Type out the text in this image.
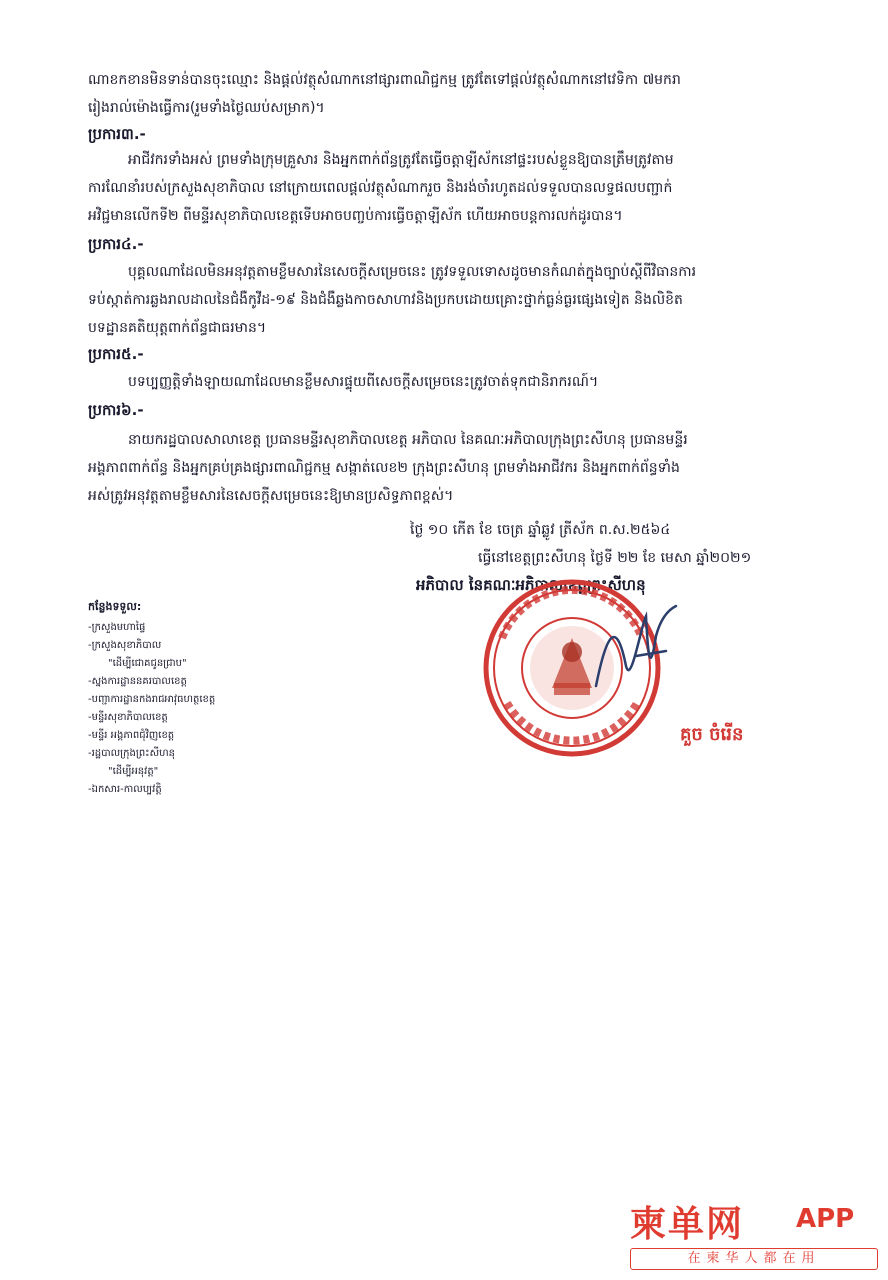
ណាខកខានមិនទាន់បានចុះឈ្មោះ និងផ្តល់វត្ថុសំណាកនៅផ្សារពាណិជ្ជកម្ម ត្រូវតែទៅផ្តល់វត្ថុសំណាកនៅវេទិកា ៧មករា
រៀងរាល់ម៉ោងធ្វើការ(រួមទាំងថ្ងៃឈប់សម្រាក)។
ប្រការ៣.-
អាជីវករទាំងអស់ ព្រមទាំងក្រុមគ្រួសារ និងអ្នកពាក់ព័ន្ធត្រូវតែធ្វើចត្តាឡីស័កនៅផ្ទះរបស់ខ្លួនឱ្យបានត្រឹមត្រូវតាម
ការណែនាំរបស់ក្រសួងសុខាភិបាល នៅក្រោយពេលផ្តល់វត្ថុសំណាករួច និងរង់ចាំរហូតដល់ទទួលបានលទ្ធផលបញ្ជាក់
អវិជ្ជមានលើកទី២ ពីមន្ទីរសុខាភិបាលខេត្តទើបអាចបញ្ចប់ការធ្វើចត្តាឡីស័ក ហើយអាចបន្តការលក់ដូរបាន។
ប្រការ៤.-
បុគ្គលណាដែលមិនអនុវត្តតាមខ្លឹមសារនៃសេចក្តីសម្រេចនេះ ត្រូវទទួលទោសដូចមានកំណត់ក្នុងច្បាប់ស្តីពីវិធានការ
ទប់ស្កាត់ការឆ្លងរាលដាលនៃជំងឺកូវីដ-១៩ និងជំងឺឆ្លងកាចសាហាវនិងប្រកបដោយគ្រោះថ្នាក់ធ្ងន់ធ្ងរផ្សេងទៀត និងលិខិត
បទដ្ឋានគតិយុត្តពាក់ព័ន្ធជាធរមាន។
ប្រការ៥.-
បទប្បញ្ញត្តិទាំងឡាយណាដែលមានខ្លឹមសារផ្ទុយពីសេចក្តីសម្រេចនេះត្រូវចាត់ទុកជានិរាករណ៍។
ប្រការ៦.-
នាយករដ្ឋបាលសាលាខេត្ត ប្រធានមន្ទីរសុខាភិបាលខេត្ត អភិបាល នៃគណៈអភិបាលក្រុងព្រះសីហនុ ប្រធានមន្ទីរ
អង្គភាពពាក់ព័ន្ធ និងអ្នកគ្រប់គ្រងផ្សារពាណិជ្ជកម្ម សង្កាត់លេខ២ ក្រុងព្រះសីហនុ ព្រមទាំងអាជីវករ និងអ្នកពាក់ព័ន្ធទាំង
អស់ត្រូវអនុវត្តតាមខ្លឹមសារនៃសេចក្តីសម្រេចនេះឱ្យមានប្រសិទ្ធភាពខ្ពស់។
ថ្ងៃ ១០ កើត ខែ ចេត្រ ឆ្នាំឆ្លូវ ត្រីស័ក ព.ស.២៥៦៤
ធ្វើនៅខេត្តព្រះសីហនុ ថ្ងៃទី ២២ ខែ មេសា ឆ្នាំ២០២១
អភិបាល នៃគណៈអភិបាលខេត្តព្រះសីហនុ
កន្លែងទទួល:
-ក្រសួងមហាផ្ទៃ
-ក្រសួងសុខាភិបាល
"ដើម្បីជោគជូនជ្រាប"
-ស្នងការដ្ឋាននគរបាលខេត្ត
-បញ្ជាការដ្ឋានកងរាជអាវុធហត្ថខេត្ត
-មន្ទីរសុខាភិបាលខេត្ត
-មន្ទីរ អង្គភាពជុំវិញខេត្ត
-រដ្ឋបាលក្រុងព្រះសីហនុ
"ដើម្បីអនុវត្ត"
-ឯកសារ-កាលប្បវត្តិ
គួច ចំរើន
柬单网 APP
在柬华人都在用
